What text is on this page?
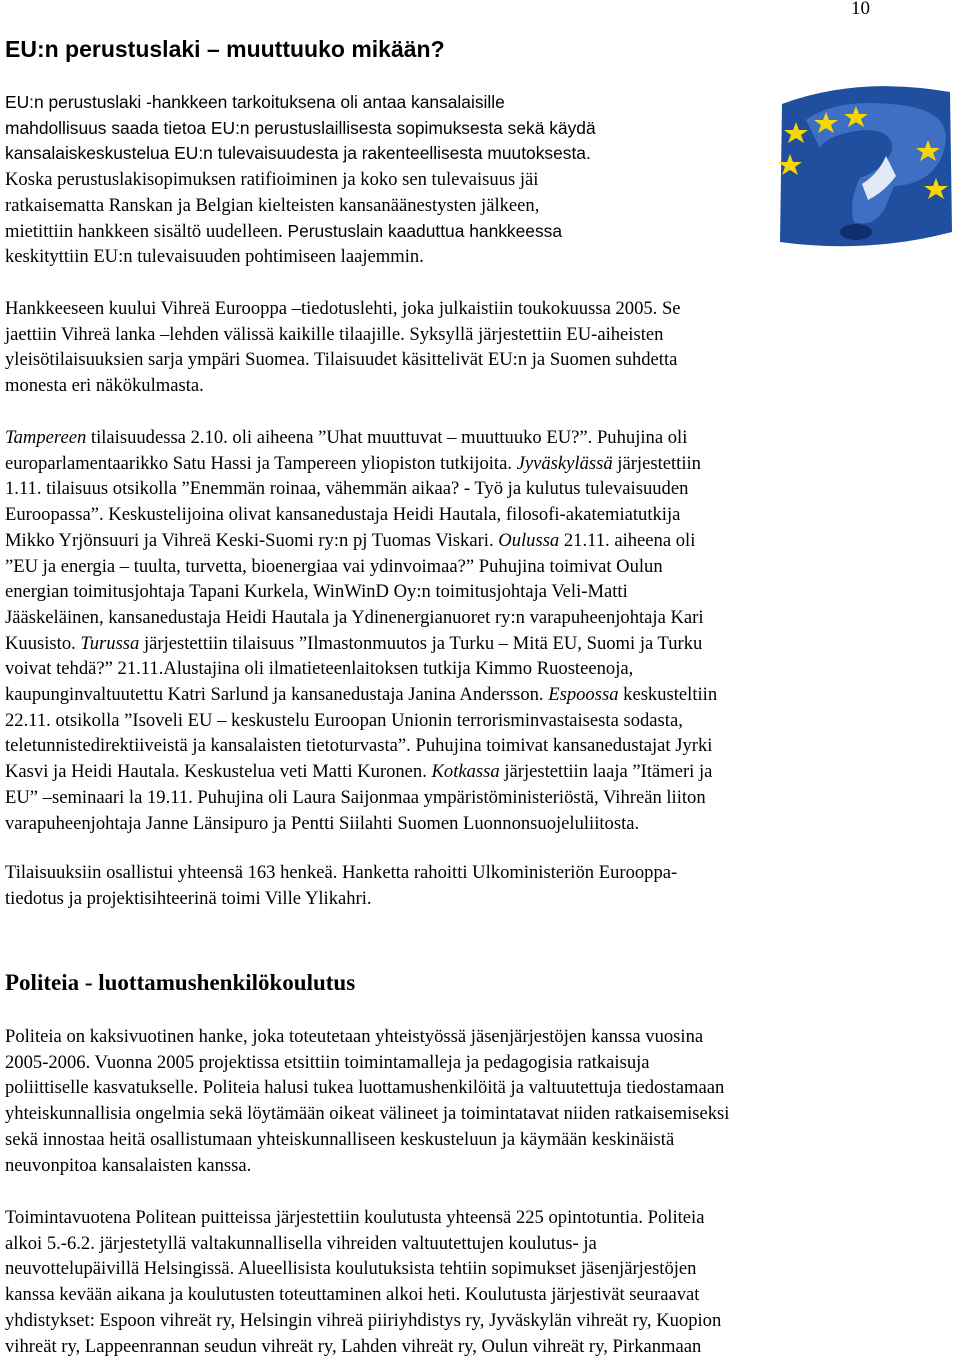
10
EU:n perustuslaki – muuttuuko mikään?
EU:n perustuslaki -hankkeen tarkoituksena oli antaa kansalaisille
mahdollisuus saada tietoa EU:n perustuslaillisesta sopimuksesta sekä käydä
kansalaiskeskustelua EU:n tulevaisuudesta ja rakenteellisesta muutoksesta.
Koska perustuslakisopimuksen ratifioiminen ja koko sen tulevaisuus jäi
ratkaisematta Ranskan ja Belgian kielteisten kansanäänestysten jälkeen,
mietittiin hankkeen sisältö uudelleen. Perustuslain kaaduttua hankkeessa
keskityttiin EU:n tulevaisuuden pohtimiseen laajemmin.
Hankkeeseen kuului Vihreä Eurooppa –tiedotuslehti, joka julkaistiin toukokuussa 2005. Se
jaettiin Vihreä lanka –lehden välissä kaikille tilaajille. Syksyllä järjestettiin EU-aiheisten
yleisötilaisuuksien sarja ympäri Suomea. Tilaisuudet käsittelivät EU:n ja Suomen suhdetta
monesta eri näkökulmasta.
Tampereen tilaisuudessa 2.10. oli aiheena ”Uhat muuttuvat – muuttuuko EU?”. Puhujina oli
europarlamentaarikko Satu Hassi ja Tampereen yliopiston tutkijoita. Jyväskylässä järjestettiin
1.11. tilaisuus otsikolla ”Enemmän roinaa, vähemmän aikaa? - Työ ja kulutus tulevaisuuden
Euroopassa”. Keskustelijoina olivat kansanedustaja Heidi Hautala, filosofi-akatemiatutkija
Mikko Yrjönsuuri ja Vihreä Keski-Suomi ry:n pj Tuomas Viskari. Oulussa 21.11. aiheena oli
”EU ja energia – tuulta, turvetta, bioenergiaa vai ydinvoimaa?” Puhujina toimivat Oulun
energian toimitusjohtaja Tapani Kurkela, WinWinD Oy:n toimitusjohtaja Veli-Matti
Jääskeläinen, kansanedustaja Heidi Hautala ja Ydinenergianuoret ry:n varapuheenjohtaja Kari
Kuusisto. Turussa järjestettiin tilaisuus ”Ilmastonmuutos ja Turku – Mitä EU, Suomi ja Turku
voivat tehdä?” 21.11.Alustajina oli ilmatieteenlaitoksen tutkija Kimmo Ruosteenoja,
kaupunginvaltuutettu Katri Sarlund ja kansanedustaja Janina Andersson. Espoossa keskusteltiin
22.11. otsikolla ”Isoveli EU – keskustelu Euroopan Unionin terrorisminvastaisesta sodasta,
teletunnistedirektiiveistä ja kansalaisten tietoturvasta”. Puhujina toimivat kansanedustajat Jyrki
Kasvi ja Heidi Hautala. Keskustelua veti Matti Kuronen. Kotkassa järjestettiin laaja ”Itämeri ja
EU” –seminaari la 19.11. Puhujina oli Laura Saijonmaa ympäristöministeriöstä, Vihreän liiton
varapuheenjohtaja Janne Länsipuro ja Pentti Siilahti Suomen Luonnonsuojeluliitosta.
Tilaisuuksiin osallistui yhteensä 163 henkeä. Hanketta rahoitti Ulkoministeriön Eurooppa-
tiedotus ja projektisihteerinä toimi Ville Ylikahri.
Politeia - luottamushenkilökoulutus
Politeia on kaksivuotinen hanke, joka toteutetaan yhteistyössä jäsenjärjestöjen kanssa vuosina
2005-2006. Vuonna 2005 projektissa etsittiin toimintamalleja ja pedagogisia ratkaisuja
poliittiselle kasvatukselle. Politeia halusi tukea luottamushenkilöitä ja valtuutettuja tiedostamaan
yhteiskunnallisia ongelmia sekä löytämään oikeat välineet ja toimintatavat niiden ratkaisemiseksi
sekä innostaa heitä osallistumaan yhteiskunnalliseen keskusteluun ja käymään keskinäistä
neuvonpitoa kansalaisten kanssa.
Toimintavuotena Politean puitteissa järjestettiin koulutusta yhteensä 225 opintotuntia. Politeia
alkoi 5.-6.2. järjestetyllä valtakunnallisella vihreiden valtuutettujen koulutus- ja
neuvottelupäivillä Helsingissä. Alueellisista koulutuksista tehtiin sopimukset jäsenjärjestöjen
kanssa kevään aikana ja koulutusten toteuttaminen alkoi heti. Koulutusta järjestivät seuraavat
yhdistykset: Espoon vihreät ry, Helsingin vihreä piiriyhdistys ry, Jyväskylän vihreät ry, Kuopion
vihreät ry, Lappeenrannan seudun vihreät ry, Lahden vihreät ry, Oulun vihreät ry, Pirkanmaan
